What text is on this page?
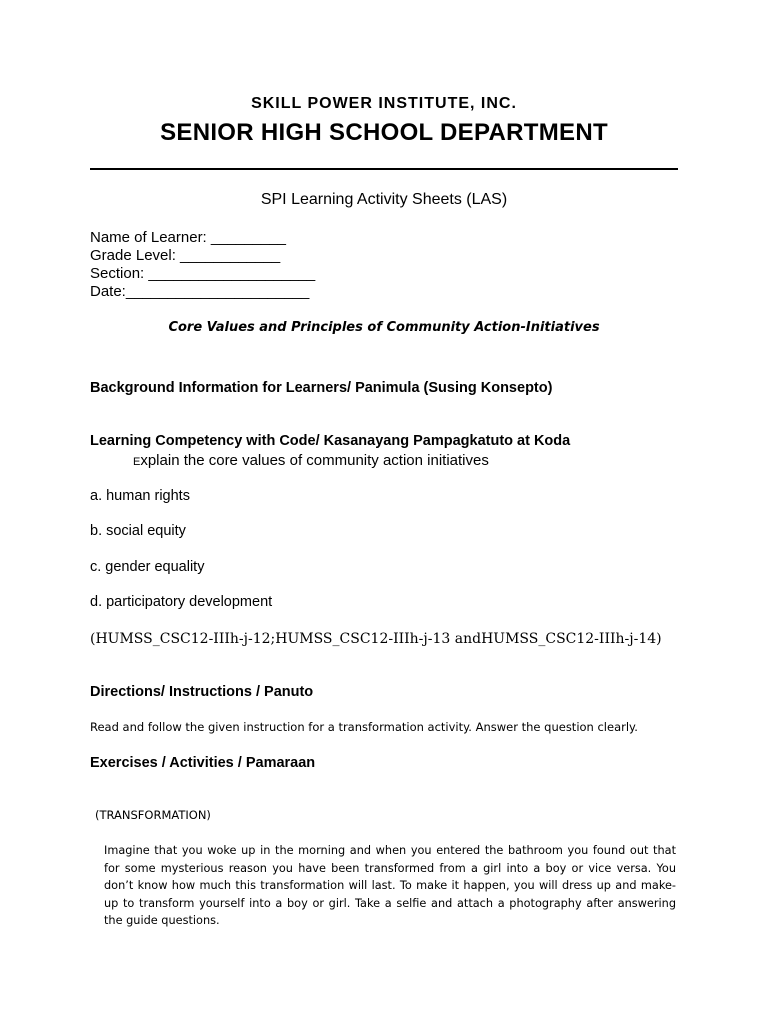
SKILL POWER INSTITUTE, INC.
SENIOR HIGH SCHOOL DEPARTMENT
SPI Learning Activity Sheets (LAS)
Name of Learner: _________
Grade Level: ____________
Section: ____________________
Date:______________________
Core Values and Principles of Community Action-Initiatives
Background Information for Learners/ Panimula (Susing Konsepto)
Learning Competency with Code/ Kasanayang Pampagkatuto at Koda
Explain the core values of community action initiatives
a. human rights
b. social equity
c. gender equality
d. participatory development
(HUMSS_CSC12-IIIh-j-12;HUMSS_CSC12-IIIh-j-13 andHUMSS_CSC12-IIIh-j-14)
Directions/ Instructions / Panuto
Read and follow the given instruction for a transformation activity. Answer the question clearly.
Exercises / Activities / Pamaraan
(TRANSFORMATION)
Imagine that you woke up in the morning and when you entered the bathroom you found out that for some mysterious reason you have been transformed from a girl into a boy or vice versa. You don’t know how much this transformation will last. To make it happen, you will dress up and make-up to transform yourself into a boy or girl. Take a selfie and attach a photography after answering the guide questions.
